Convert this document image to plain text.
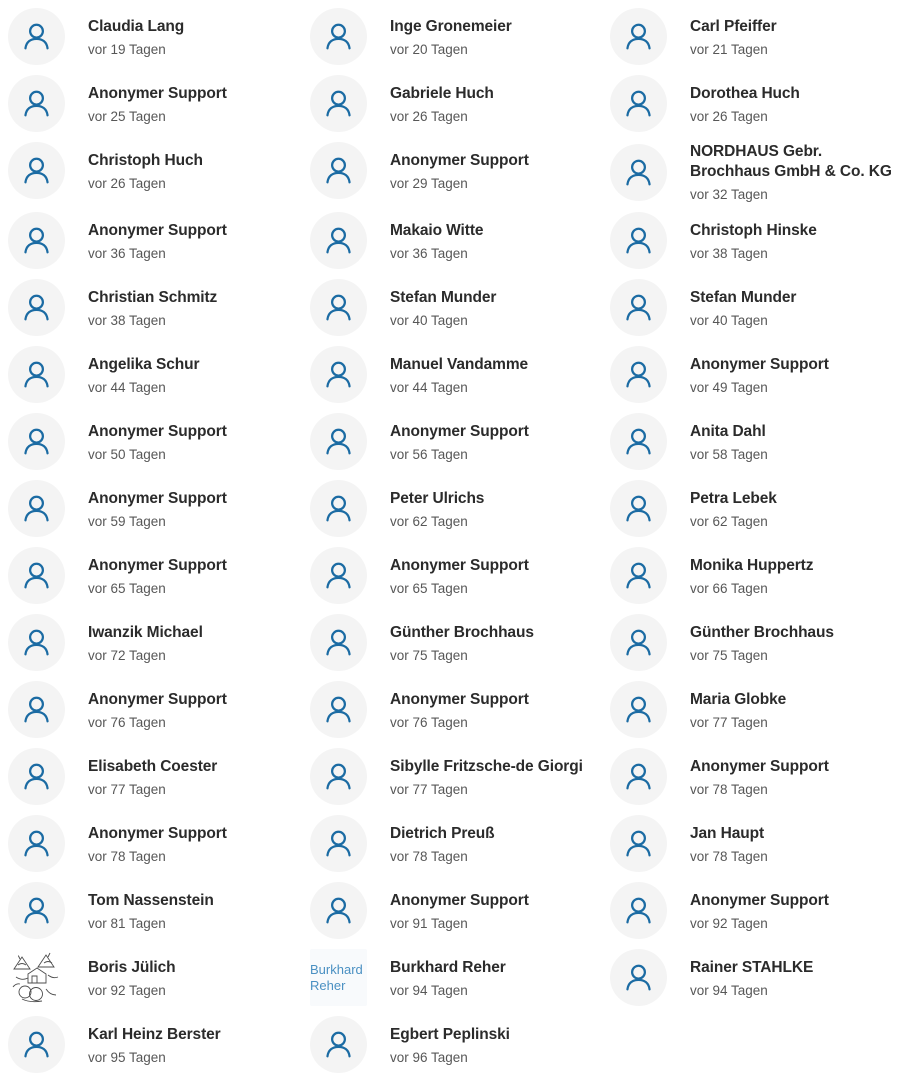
Claudia Lang
vor 19 Tagen
Inge Gronemeier
vor 20 Tagen
Carl Pfeiffer
vor 21 Tagen
Anonymer Support
vor 25 Tagen
Gabriele Huch
vor 26 Tagen
Dorothea Huch
vor 26 Tagen
Christoph Huch
vor 26 Tagen
Anonymer Support
vor 29 Tagen
NORDHAUS Gebr. Brochhaus GmbH & Co. KG
vor 32 Tagen
Anonymer Support
vor 36 Tagen
Makaio Witte
vor 36 Tagen
Christoph Hinske
vor 38 Tagen
Christian Schmitz
vor 38 Tagen
Stefan Munder
vor 40 Tagen
Stefan Munder
vor 40 Tagen
Angelika Schur
vor 44 Tagen
Manuel Vandamme
vor 44 Tagen
Anonymer Support
vor 49 Tagen
Anonymer Support
vor 50 Tagen
Anonymer Support
vor 56 Tagen
Anita Dahl
vor 58 Tagen
Anonymer Support
vor 59 Tagen
Peter Ulrichs
vor 62 Tagen
Petra Lebek
vor 62 Tagen
Anonymer Support
vor 65 Tagen
Anonymer Support
vor 65 Tagen
Monika Huppertz
vor 66 Tagen
Iwanzik Michael
vor 72 Tagen
Günther Brochhaus
vor 75 Tagen
Günther Brochhaus
vor 75 Tagen
Anonymer Support
vor 76 Tagen
Anonymer Support
vor 76 Tagen
Maria Globke
vor 77 Tagen
Elisabeth Coester
vor 77 Tagen
Sibylle Fritzsche-de Giorgi
vor 77 Tagen
Anonymer Support
vor 78 Tagen
Anonymer Support
vor 78 Tagen
Dietrich Preuß
vor 78 Tagen
Jan Haupt
vor 78 Tagen
Tom Nassenstein
vor 81 Tagen
Anonymer Support
vor 91 Tagen
Anonymer Support
vor 92 Tagen
Boris Jülich
vor 92 Tagen
Burkhard Reher
Burkhard Reher
vor 94 Tagen
Rainer STAHLKE
vor 94 Tagen
Karl Heinz Berster
vor 95 Tagen
Egbert Peplinski
vor 96 Tagen
